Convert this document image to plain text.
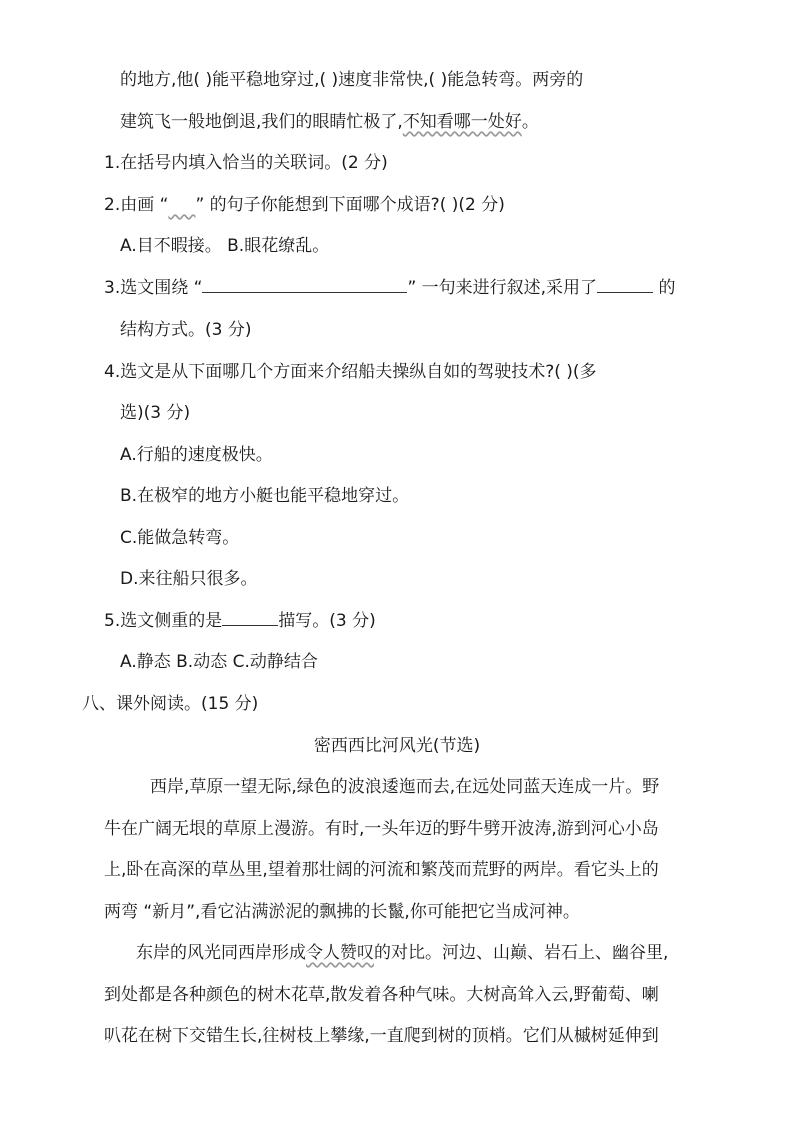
的地方,他( )能平稳地穿过,( )速度非常快,( )能急转弯。两旁的
建筑飞一般地倒退,我们的眼睛忙极了,不知看哪一处好。
1.在括号内填入恰当的关联词。(2 分)
2.由画 “ ” 的句子你能想到下面哪个成语?( )(2 分)
A.目不暇接。 B.眼花缭乱。
3.选文围绕 “	” 一句来进行叙述,采用了	的
结构方式。(3 分)
4.选文是从下面哪几个方面来介绍船夫操纵自如的驾驶技术?( )(多
选)(3 分)
A.行船的速度极快。
B.在极窄的地方小艇也能平稳地穿过。
C.能做急转弯。
D.来往船只很多。
5.选文侧重的是	描写。(3 分)
A.静态 B.动态 C.动静结合
八、课外阅读。(15 分)
密西西比河风光(节选)
西岸,草原一望无际,绿色的波浪逶迤而去,在远处同蓝天连成一片。野
牛在广阔无垠的草原上漫游。有时,一头年迈的野牛劈开波涛,游到河心小岛
上,卧在高深的草丛里,望着那壮阔的河流和繁茂而荒野的两岸。看它头上的
两弯 “新月”,看它沾满淤泥的飘拂的长鬣,你可能把它当成河神。
东岸的风光同西岸形成令人赞叹的对比。河边、山巅、岩石上、幽谷里,
到处都是各种颜色的树木花草,散发着各种气味。大树高耸入云,野葡萄、喇
叭花在树下交错生长,往树枝上攀缘,一直爬到树的顶梢。它们从槭树延伸到
